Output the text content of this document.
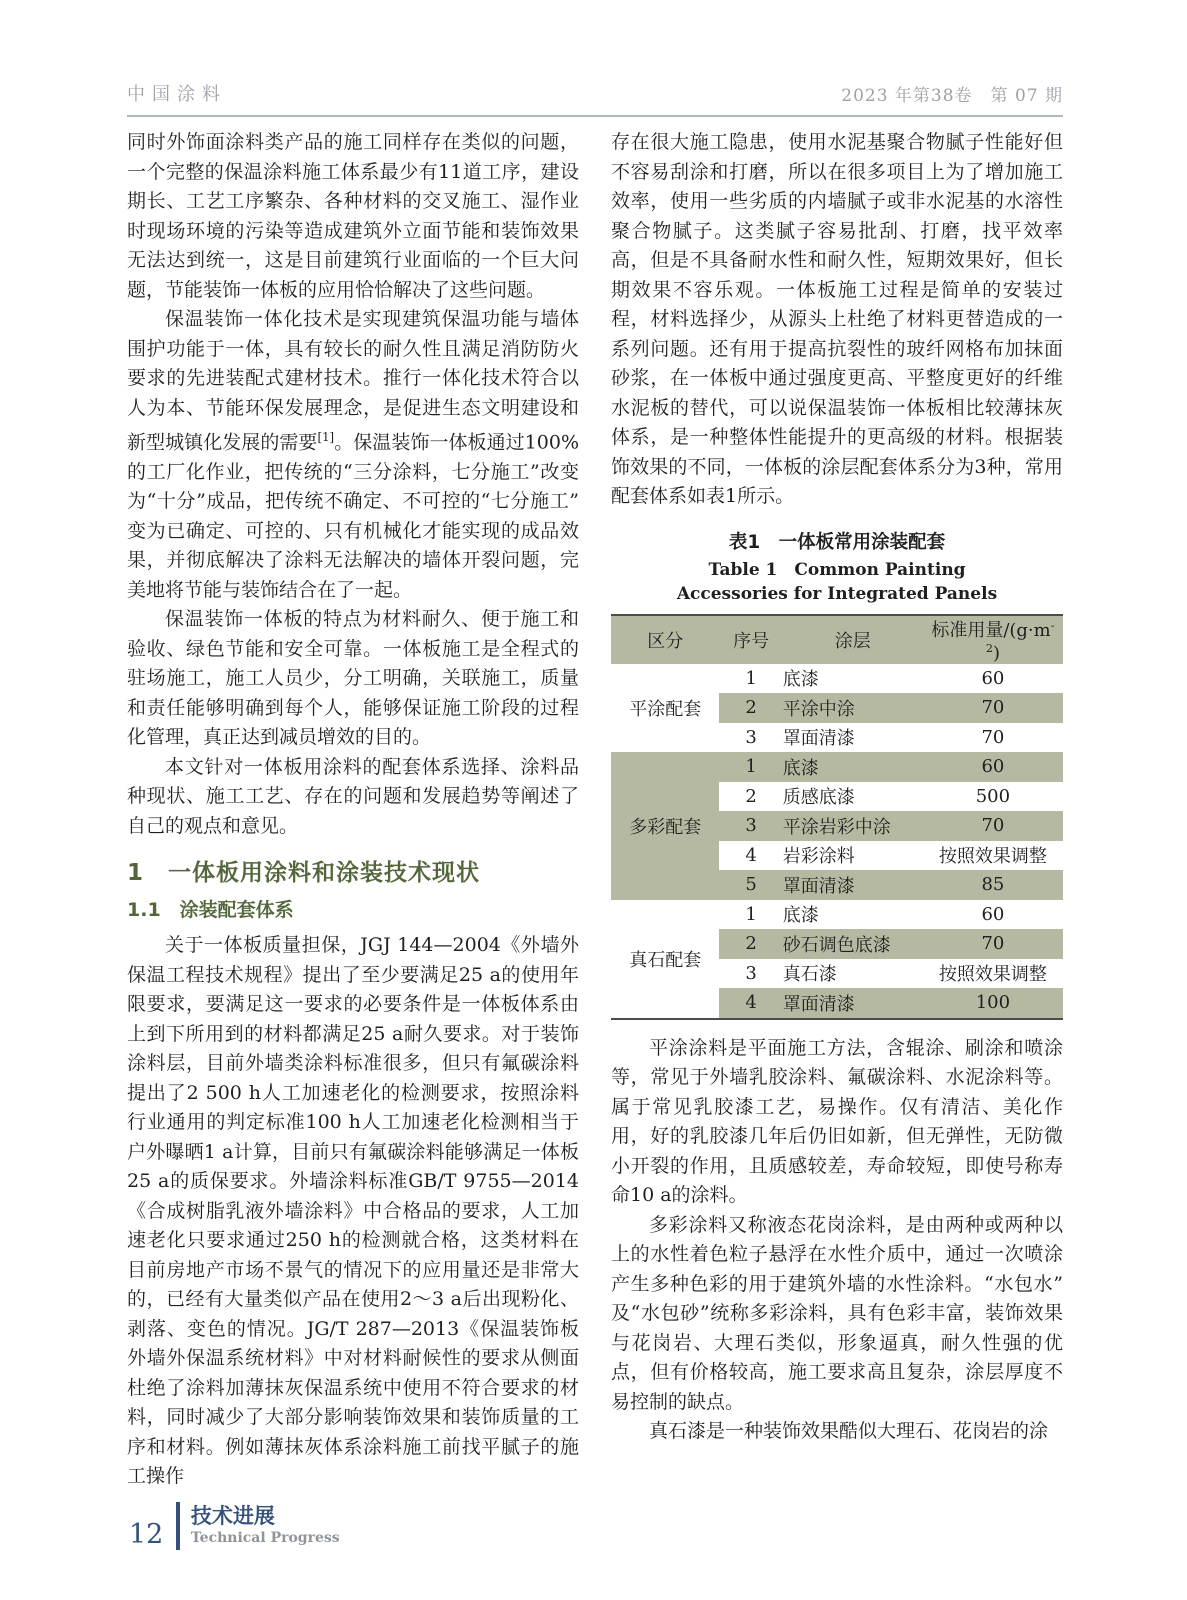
中国涂料	2023 年第38卷　第 07 期

同时外饰面涂料类产品的施工同样存在类似的问题，一个完整的保温涂料施工体系最少有11道工序，建设期长、工艺工序繁杂、各种材料的交叉施工、湿作业时现场环境的污染等造成建筑外立面节能和装饰效果无法达到统一，这是目前建筑行业面临的一个巨大问题，节能装饰一体板的应用恰恰解决了这些问题。

保温装饰一体化技术是实现建筑保温功能与墙体围护功能于一体，具有较长的耐久性且满足消防防火要求的先进装配式建材技术。推行一体化技术符合以人为本、节能环保发展理念，是促进生态文明建设和新型城镇化发展的需要[1]。保温装饰一体板通过100%的工厂化作业，把传统的“三分涂料，七分施工”改变为“十分”成品，把传统不确定、不可控的“七分施工”变为已确定、可控的、只有机械化才能实现的成品效果，并彻底解决了涂料无法解决的墙体开裂问题，完美地将节能与装饰结合在了一起。

保温装饰一体板的特点为材料耐久、便于施工和验收、绿色节能和安全可靠。一体板施工是全程式的驻场施工，施工人员少，分工明确，关联施工，质量和责任能够明确到每个人，能够保证施工阶段的过程化管理，真正达到减员增效的目的。

本文针对一体板用涂料的配套体系选择、涂料品种现状、施工工艺、存在的问题和发展趋势等阐述了自己的观点和意见。

1　一体板用涂料和涂装技术现状
1.1　涂装配套体系

关于一体板质量担保，JGJ 144—2004《外墙外保温工程技术规程》提出了至少要满足25 a的使用年限要求，要满足这一要求的必要条件是一体板体系由上到下所用到的材料都满足25 a耐久要求。对于装饰涂料层，目前外墙类涂料标准很多，但只有氟碳涂料提出了2 500 h人工加速老化的检测要求，按照涂料行业通用的判定标准100 h人工加速老化检测相当于户外曝晒1 a计算，目前只有氟碳涂料能够满足一体板25 a的质保要求。外墙涂料标准GB/T 9755—2014《合成树脂乳液外墙涂料》中合格品的要求，人工加速老化只要求通过250 h的检测就合格，这类材料在目前房地产市场不景气的情况下的应用量还是非常大的，已经有大量类似产品在使用2～3 a后出现粉化、剥落、变色的情况。JG/T 287—2013《保温装饰板外墙外保温系统材料》中对材料耐候性的要求从侧面杜绝了涂料加薄抹灰保温系统中使用不符合要求的材料，同时减少了大部分影响装饰效果和装饰质量的工序和材料。例如薄抹灰体系涂料施工前找平腻子的施工操作

存在很大施工隐患，使用水泥基聚合物腻子性能好但不容易刮涂和打磨，所以在很多项目上为了增加施工效率，使用一些劣质的内墙腻子或非水泥基的水溶性聚合物腻子。这类腻子容易批刮、打磨，找平效率高，但是不具备耐水性和耐久性，短期效果好，但长期效果不容乐观。一体板施工过程是简单的安装过程，材料选择少，从源头上杜绝了材料更替造成的一系列问题。还有用于提高抗裂性的玻纤网格布加抹面砂浆，在一体板中通过强度更高、平整度更好的纤维水泥板的替代，可以说保温装饰一体板相比较薄抹灰体系，是一种整体性能提升的更高级的材料。根据装饰效果的不同，一体板的涂层配套体系分为3种，常用配套体系如表1所示。

表1　一体板常用涂装配套
Table 1　Common Painting Accessories for Integrated Panels
区分	序号	涂层	标准用量$/(g\cdot m^{-2})$
平涂配套	1	底漆	60
	2	平涂中涂	70
	3	罩面清漆	70
多彩配套	1	底漆	60
	2	质感底漆	500
	3	平涂岩彩中涂	70
	4	岩彩涂料	按照效果调整
	5	罩面清漆	85
真石配套	1	底漆	60
	2	砂石调色底漆	70
	3	真石漆	按照效果调整
	4	罩面清漆	100

平涂涂料是平面施工方法，含辊涂、刷涂和喷涂等，常见于外墙乳胶涂料、氟碳涂料、水泥涂料等。属于常见乳胶漆工艺，易操作。仅有清洁、美化作用，好的乳胶漆几年后仍旧如新，但无弹性，无防微小开裂的作用，且质感较差，寿命较短，即使号称寿命10 a的涂料。

多彩涂料又称液态花岗涂料，是由两种或两种以上的水性着色粒子悬浮在水性介质中，通过一次喷涂产生多种色彩的用于建筑外墙的水性涂料。“水包水”及“水包砂”统称多彩涂料，具有色彩丰富，装饰效果与花岗岩、大理石类似，形象逼真，耐久性强的优点，但有价格较高，施工要求高且复杂，涂层厚度不易控制的缺点。

真石漆是一种装饰效果酷似大理石、花岗岩的涂

12
技术进展
Technical Progress
